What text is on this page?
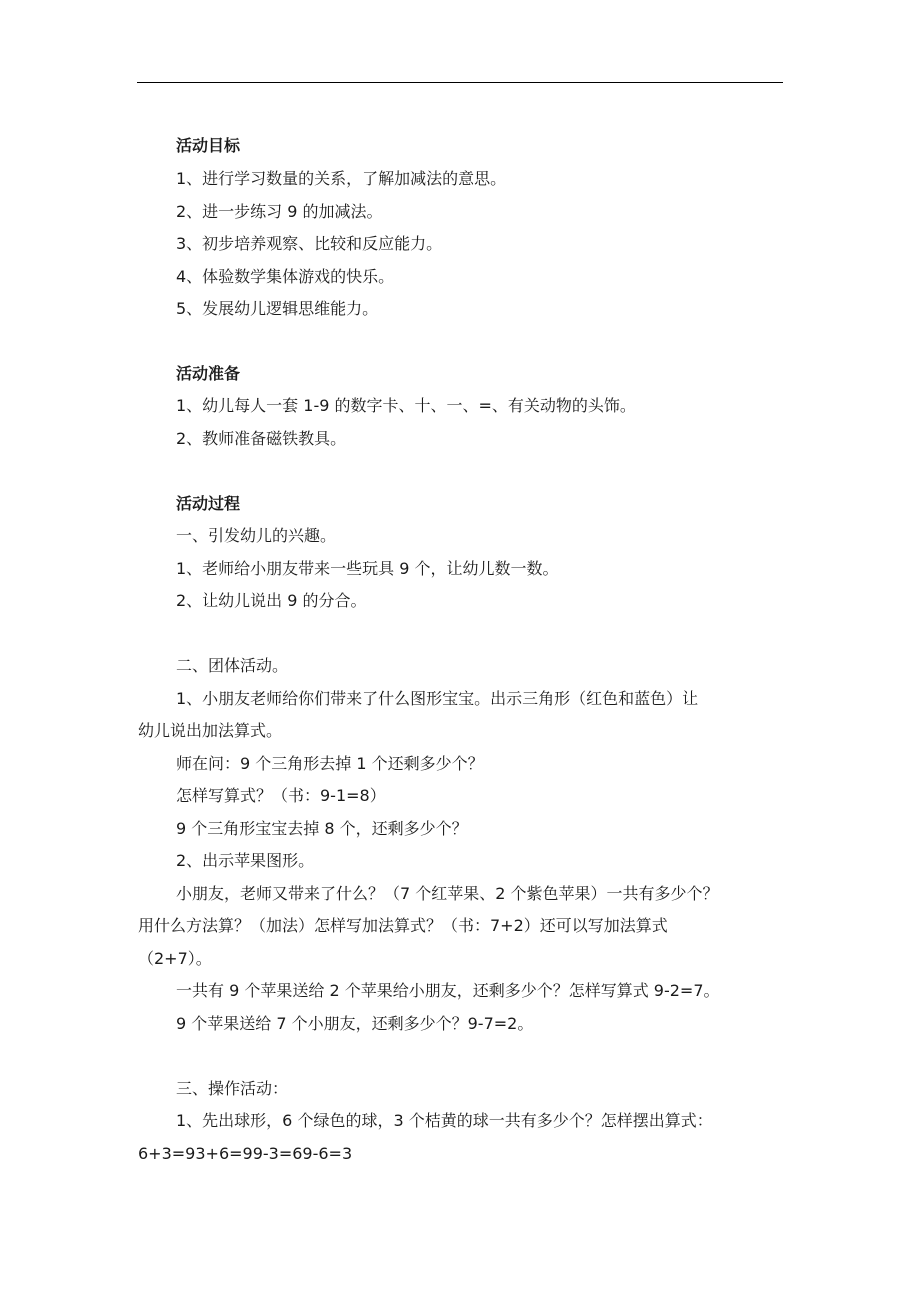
活动目标
1、进行学习数量的关系，了解加减法的意思。
2、进一步练习 9 的加减法。
3、初步培养观察、比较和反应能力。
4、体验数学集体游戏的快乐。
5、发展幼儿逻辑思维能力。
活动准备
1、幼儿每人一套 1-9 的数字卡、十、一、=、有关动物的头饰。
2、教师准备磁铁教具。
活动过程
一、引发幼儿的兴趣。
1、老师给小朋友带来一些玩具 9 个，让幼儿数一数。
2、让幼儿说出 9 的分合。
二、团体活动。
1、小朋友老师给你们带来了什么图形宝宝。出示三角形（红色和蓝色）让
幼儿说出加法算式。
师在问：9 个三角形去掉 1 个还剩多少个？
怎样写算式？（书：9-1=8）
9 个三角形宝宝去掉 8 个，还剩多少个？
2、出示苹果图形。
小朋友，老师又带来了什么？（7 个红苹果、2 个紫色苹果）一共有多少个？
用什么方法算？（加法）怎样写加法算式？（书：7+2）还可以写加法算式
（2+7）。
一共有 9 个苹果送给 2 个苹果给小朋友，还剩多少个？怎样写算式 9-2=7。
9 个苹果送给 7 个小朋友，还剩多少个？9-7=2。
三、操作活动：
1、先出球形，6 个绿色的球，3 个桔黄的球一共有多少个？怎样摆出算式：
6+3=93+6=99-3=69-6=3
